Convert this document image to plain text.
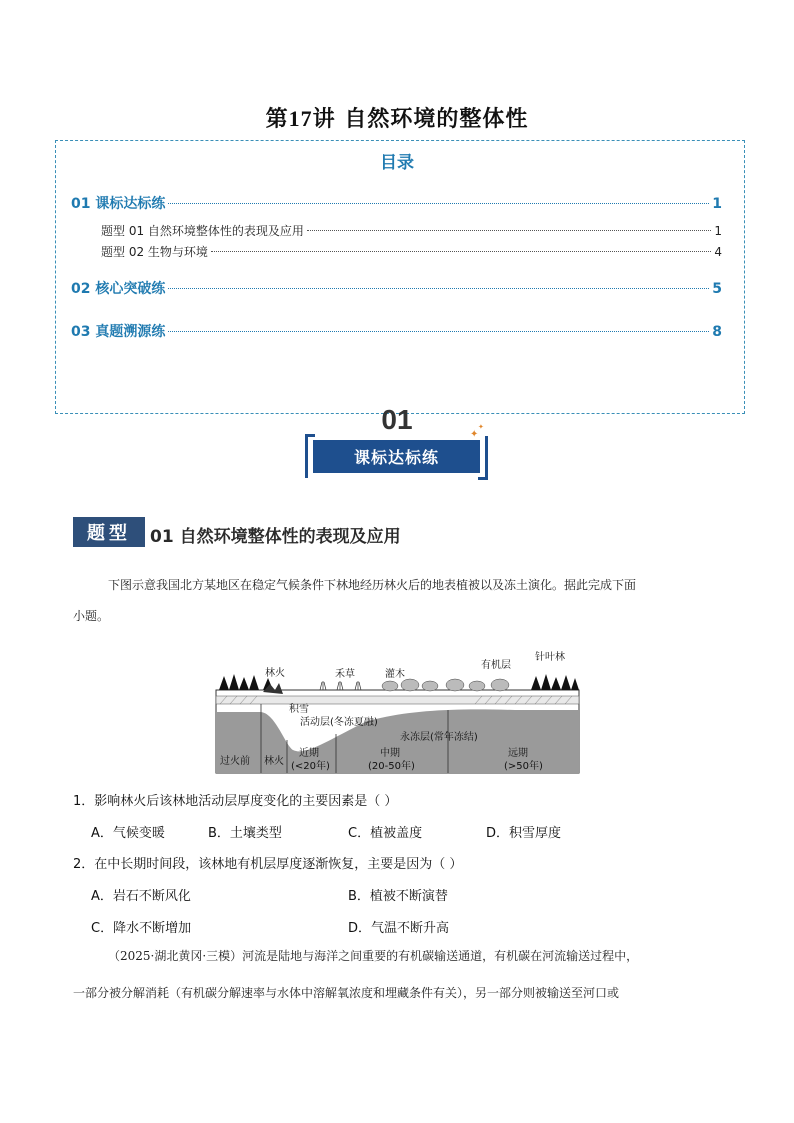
第17讲 自然环境的整体性
目录
01 课标达标练	1
题型 01 自然环境整体性的表现及应用	1
题型 02 生物与环境	4
02 核心突破练	5
03 真题溯源练	8
01
课标达标练
✦
✦
题型	01 自然环境整体性的表现及应用
下图示意我国北方某地区在稳定气候条件下林地经历林火后的地表植被以及冻土演化。据此完成下面
小题。
林火	禾草	灌木
有机层
针叶林
积雪
活动层(冬冻夏融)
永冻层(常年冻结)
过火前 林火
近期
(<20年)
中期
(20-50年)
远期
(>50年)
1．影响林火后该林地活动层厚度变化的主要因素是（ ）
A．气候变暖	B．土壤类型	C．植被盖度	D．积雪厚度
2．在中长期时间段，该林地有机层厚度逐渐恢复，主要是因为（ ）
A．岩石不断风化	B．植被不断演替
C．降水不断增加	D．气温不断升高
（2025·湖北黄冈·三模）河流是陆地与海洋之间重要的有机碳输送通道，有机碳在河流输送过程中，
一部分被分解消耗（有机碳分解速率与水体中溶解氧浓度和埋藏条件有关），另一部分则被输送至河口或
